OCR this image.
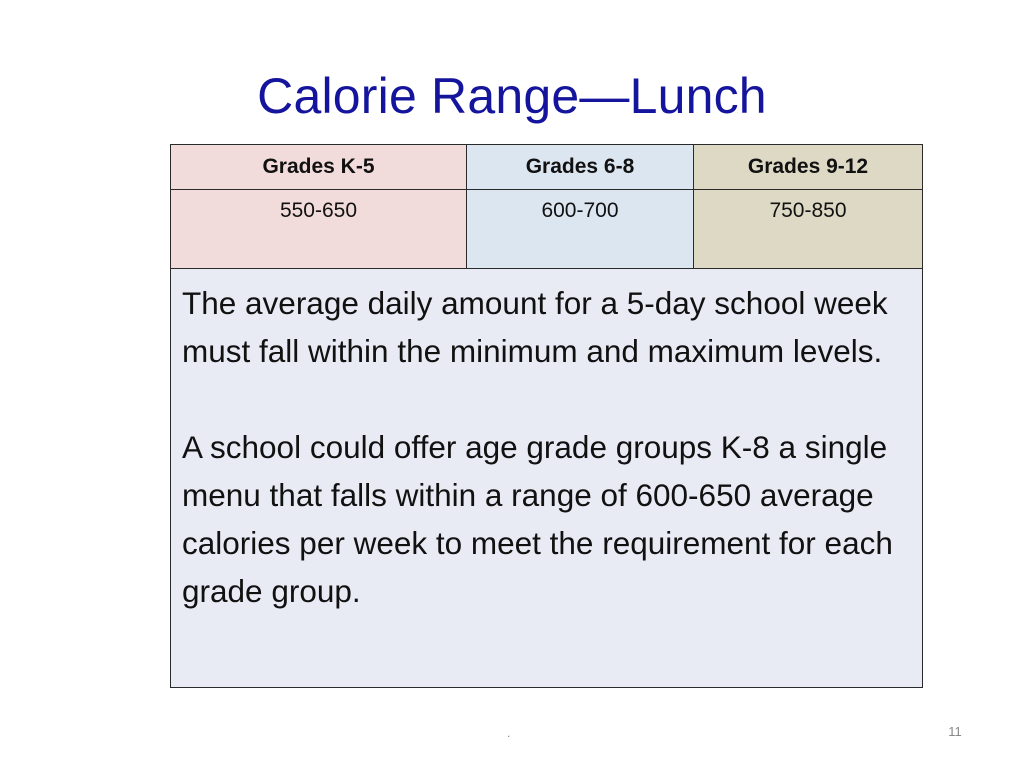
Calorie Range—Lunch
Grades K-5	Grades 6-8	Grades 9-12

550-650	600-700	750-850

The average daily amount for a 5-day school week must fall within the minimum and maximum levels.

A school could offer age grade groups K-8 a single menu that falls within a range of 600-650 average calories per week to meet the requirement for each grade group.		

.	11
